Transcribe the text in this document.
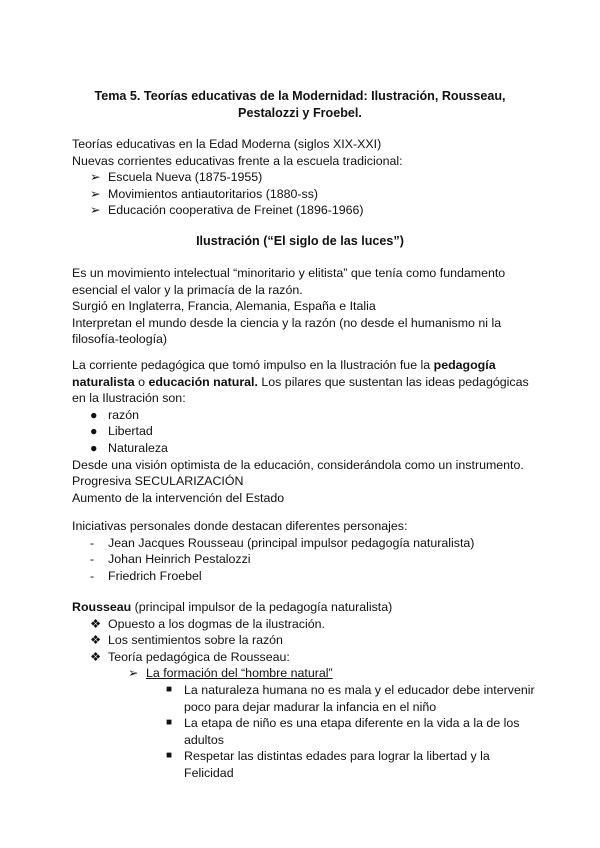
Tema 5. Teorías educativas de la Modernidad: Ilustración, Rousseau,
Pestalozzi y Froebel.
Teorías educativas en la Edad Moderna (siglos XIX-XXI)
Nuevas corrientes educativas frente a la escuela tradicional:
➢ Escuela Nueva (1875-1955)
➢ Movimientos antiautoritarios (1880-ss)
➢ Educación cooperativa de Freinet (1896-1966)
Ilustración (“El siglo de las luces”)
Es un movimiento intelectual “minoritario y elitista” que tenía como fundamento
esencial el valor y la primacía de la razón.
Surgió en Inglaterra, Francia, Alemania, España e Italia
Interpretan el mundo desde la ciencia y la razón (no desde el humanismo ni la
filosofía-teología)
La corriente pedagógica que tomó impulso en la Ilustración fue la pedagogía
naturalista o educación natural. Los pilares que sustentan las ideas pedagógicas
en la Ilustración son:
● razón
● Libertad
● Naturaleza
Desde una visión optimista de la educación, considerándola como un instrumento.
Progresiva SECULARIZACIÓN
Aumento de la intervención del Estado
Iniciativas personales donde destacan diferentes personajes:
- Jean Jacques Rousseau (principal impulsor pedagogía naturalista)
- Johan Heinrich Pestalozzi
- Friedrich Froebel
Rousseau (principal impulsor de la pedagogía naturalista)
❖ Opuesto a los dogmas de la ilustración.
❖ Los sentimientos sobre la razón
❖ Teoría pedagógica de Rousseau:
➢ La formación del “hombre natural”
■ La naturaleza humana no es mala y el educador debe intervenir
poco para dejar madurar la infancia en el niño
■ La etapa de niño es una etapa diferente en la vida a la de los
adultos
■ Respetar las distintas edades para lograr la libertad y la
Felicidad
